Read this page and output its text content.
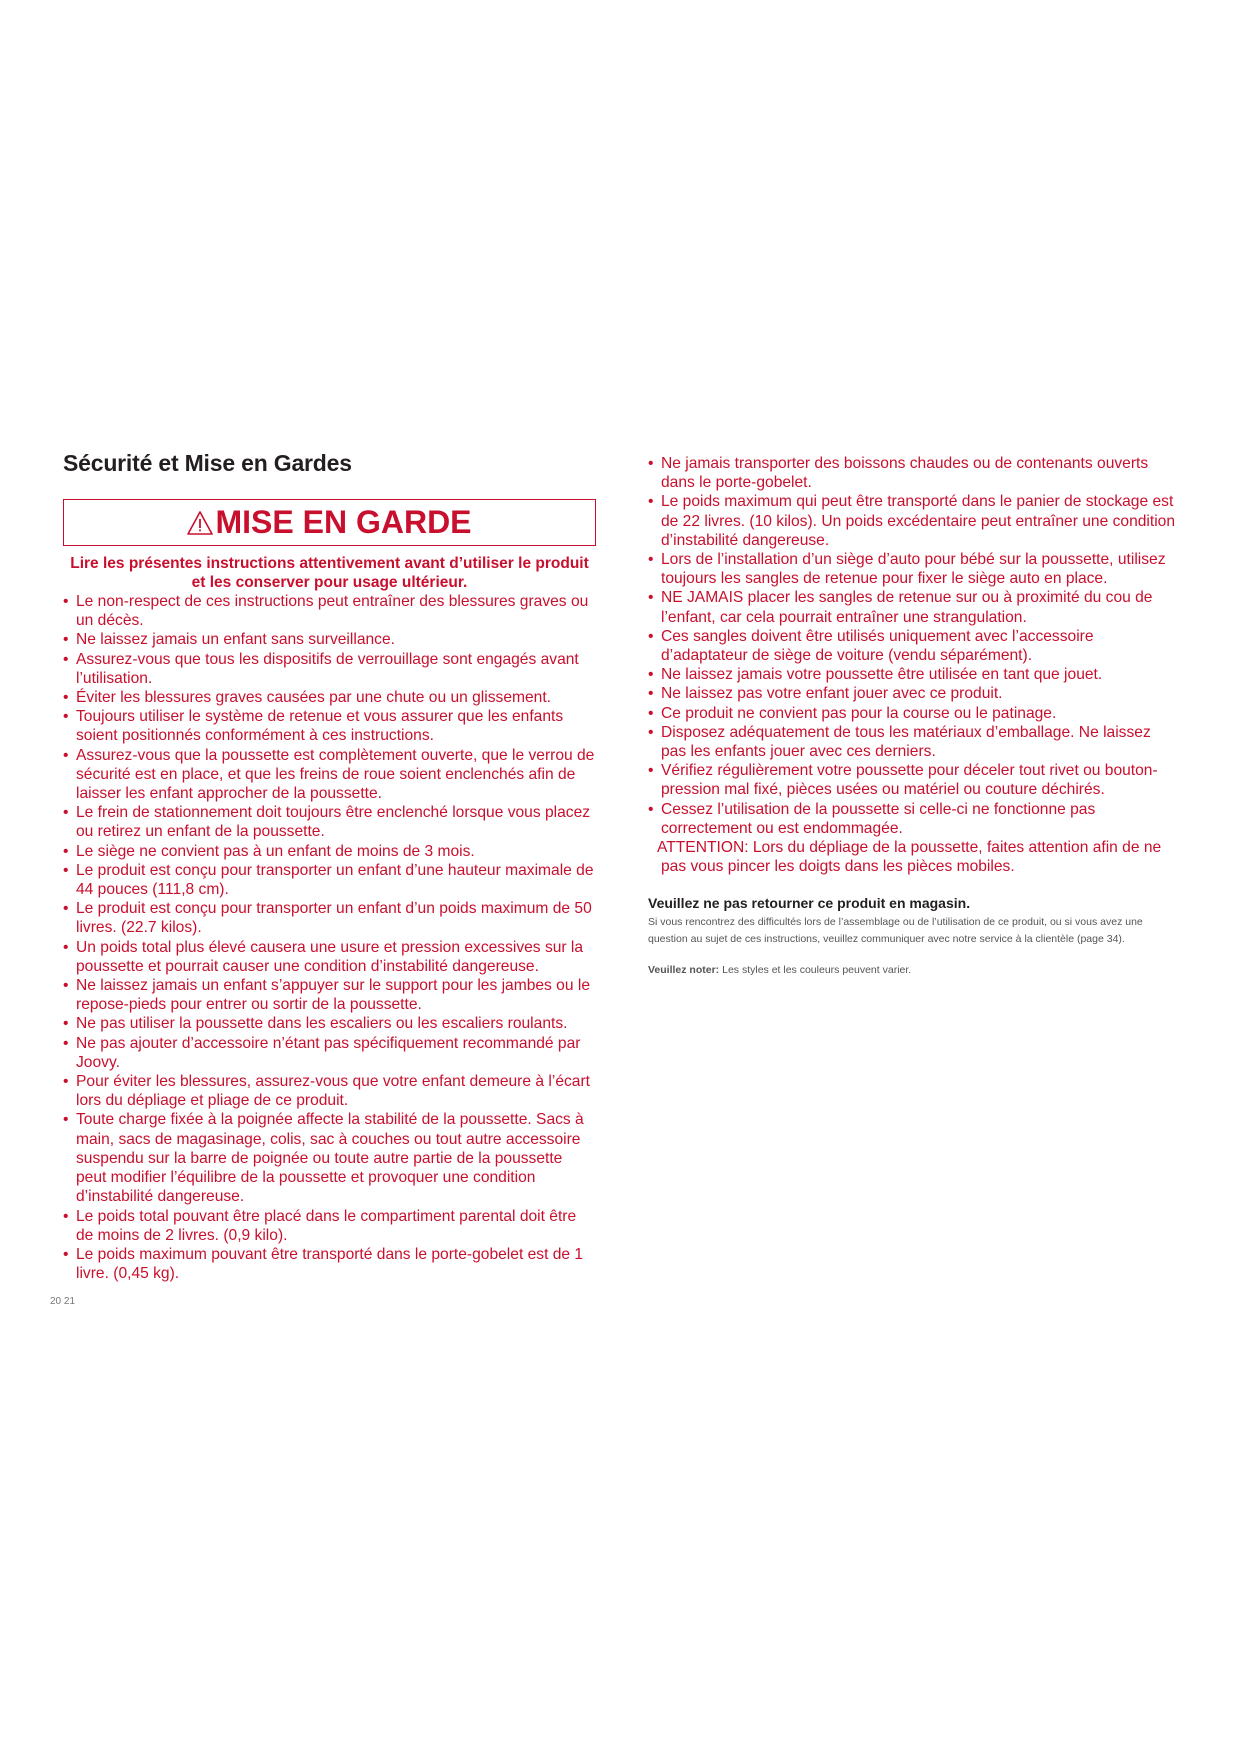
Sécurité et Mise en Gardes
MISE EN GARDE
Lire les présentes instructions attentivement avant d’utiliser le produit et les conserver pour usage ultérieur.
• Le non-respect de ces instructions peut entraîner des blessures graves ou un décès.
• Ne laissez jamais un enfant sans surveillance.
• Assurez-vous que tous les dispositifs de verrouillage sont engagés avant l’utilisation.
• Éviter les blessures graves causées par une chute ou un glissement.
• Toujours utiliser le système de retenue et vous assurer que les enfants soient positionnés conformément à ces instructions.
• Assurez-vous que la poussette est complètement ouverte, que le verrou de sécurité est en place, et que les freins de roue soient enclenchés afin de laisser les enfant approcher de la poussette.
• Le frein de stationnement doit toujours être enclenché lorsque vous placez ou retirez un enfant de la poussette.
• Le siège ne convient pas à un enfant de moins de 3 mois.
• Le produit est conçu pour transporter un enfant d’une hauteur maximale de 44 pouces (111,8 cm).
• Le produit est conçu pour transporter un enfant d’un poids maximum de 50 livres. (22.7 kilos).
• Un poids total plus élevé causera une usure et pression excessives sur la poussette et pourrait causer une condition d’instabilité dangereuse.
• Ne laissez jamais un enfant s’appuyer sur le support pour les jambes ou le repose-pieds pour entrer ou sortir de la poussette.
• Ne pas utiliser la poussette dans les escaliers ou les escaliers roulants.
• Ne pas ajouter d’accessoire n’étant pas spécifiquement recommandé par Joovy.
• Pour éviter les blessures, assurez-vous que votre enfant demeure à l’écart lors du dépliage et pliage de ce produit.
• Toute charge fixée à la poignée affecte la stabilité de la poussette. Sacs à main, sacs de magasinage, colis, sac à couches ou tout autre accessoire suspendu sur la barre de poignée ou toute autre partie de la poussette peut modifier l’équilibre de la poussette et provoquer une condition d’instabilité dangereuse.
• Le poids total pouvant être placé dans le compartiment parental doit être de moins de 2 livres. (0,9 kilo).
• Le poids maximum pouvant être transporté dans le porte-gobelet est de 1 livre. (0,45 kg).
• Ne jamais transporter des boissons chaudes ou de contenants ouverts dans le porte-gobelet.
• Le poids maximum qui peut être transporté dans le panier de stockage est de 22 livres. (10 kilos). Un poids excédentaire peut entraîner une condition d’instabilité dangereuse.
• Lors de l’installation d’un siège d’auto pour bébé sur la poussette, utilisez toujours les sangles de retenue pour fixer le siège auto en place.
• NE JAMAIS placer les sangles de retenue sur ou à proximité du cou de l’enfant, car cela pourrait entraîner une strangulation.
• Ces sangles doivent être utilisés uniquement avec l’accessoire d’adaptateur de siège de voiture (vendu séparément).
• Ne laissez jamais votre poussette être utilisée en tant que jouet.
• Ne laissez pas votre enfant jouer avec ce produit.
• Ce produit ne convient pas pour la course ou le patinage.
• Disposez adéquatement de tous les matériaux d’emballage. Ne laissez pas les enfants jouer avec ces derniers.
• Vérifiez régulièrement votre poussette pour déceler tout rivet ou bouton-pression mal fixé, pièces usées ou matériel ou couture déchirés.
• Cessez l’utilisation de la poussette si celle-ci ne fonctionne pas correctement ou est endommagée.
ATTENTION: Lors du dépliage de la poussette, faites attention afin de ne
pas vous pincer les doigts dans les pièces mobiles.
Veuillez ne pas retourner ce produit en magasin.
Si vous rencontrez des difficultés lors de l’assemblage ou de l’utilisation de ce produit, ou si vous avez une question au sujet de ces instructions, veuillez communiquer avec notre service à la clientèle (page 34).
Veuillez noter: Les styles et les couleurs peuvent varier.
20 21
